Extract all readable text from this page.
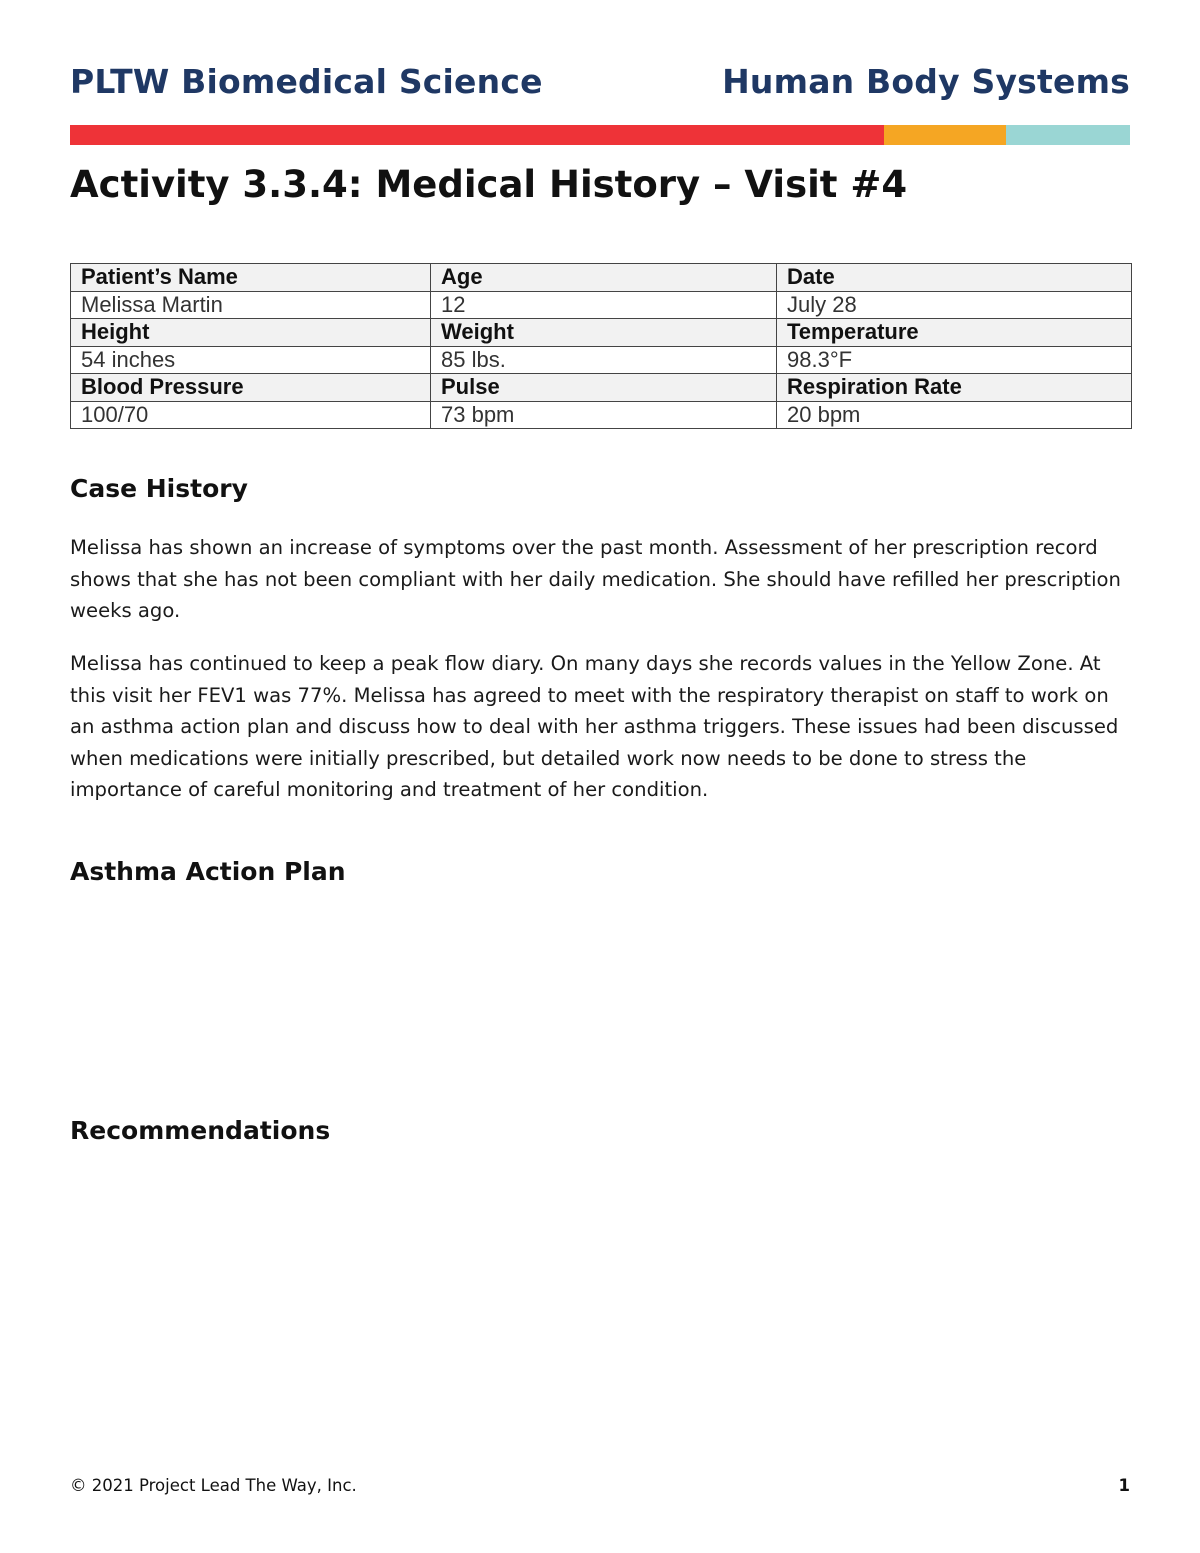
PLTW Biomedical Science	Human Body Systems
Activity 3.3.4: Medical History – Visit #4
Patient’s Name	Age	Date
Melissa Martin	12	July 28
Height	Weight	Temperature
54 inches	85 lbs.	98.3°F
Blood Pressure	Pulse	Respiration Rate
100/70	73 bpm	20 bpm
Case History

Melissa has shown an increase of symptoms over the past month. Assessment of her prescription record shows that she has not been compliant with her daily medication. She should have refilled her prescription weeks ago.

Melissa has continued to keep a peak flow diary. On many days she records values in the Yellow Zone. At this visit her FEV1 was 77%. Melissa has agreed to meet with the respiratory therapist on staff to work on an asthma action plan and discuss how to deal with her asthma triggers. These issues had been discussed when medications were initially prescribed, but detailed work now needs to be done to stress the importance of careful monitoring and treatment of her condition.

Asthma Action Plan
Recommendations
© 2021 Project Lead The Way, Inc.	1
